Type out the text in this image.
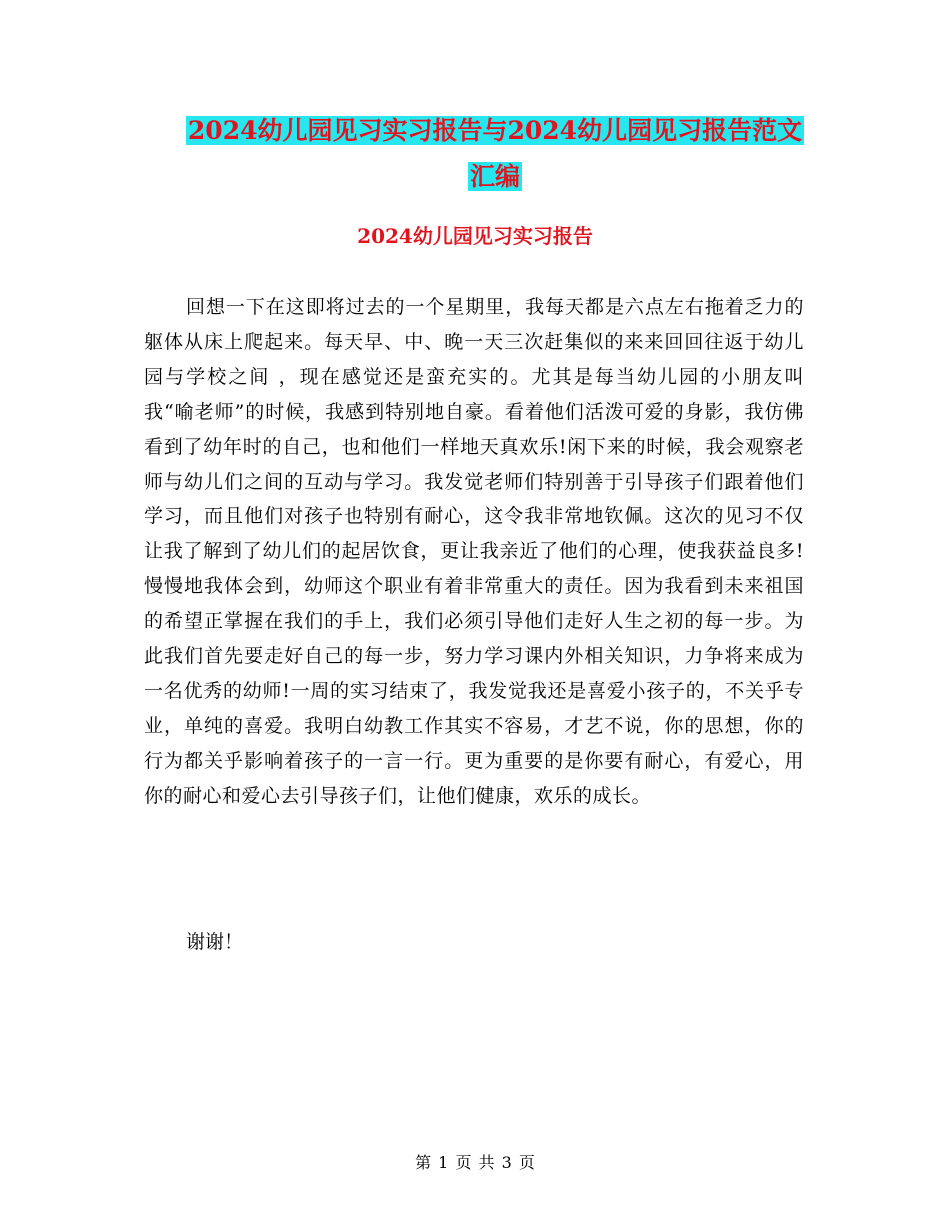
2024幼儿园见习实习报告与2024幼儿园见习报告范文
汇编
2024幼儿园见习实习报告

回想一下在这即将过去的一个星期里，我每天都是六点左右拖着乏力的躯体从床上爬起来。每天早、中、晚一天三次赶集似的来来回回往返于幼儿园与学校之间 ，现在感觉还是蛮充实的。尤其是每当幼儿园的小朋友叫我“喻老师”的时候，我感到特别地自豪。看着他们活泼可爱的身影，我仿佛看到了幼年时的自己，也和他们一样地天真欢乐!闲下来的时候，我会观察老师与幼儿们之间的互动与学习。我发觉老师们特别善于引导孩子们跟着他们学习，而且他们对孩子也特别有耐心，这令我非常地钦佩。这次的见习不仅让我了解到了幼儿们的起居饮食，更让我亲近了他们的心理，使我获益良多!慢慢地我体会到，幼师这个职业有着非常重大的责任。因为我看到未来祖国的希望正掌握在我们的手上，我们必须引导他们走好人生之初的每一步。为此我们首先要走好自己的每一步，努力学习课内外相关知识，力争将来成为一名优秀的幼师!一周的实习结束了，我发觉我还是喜爱小孩子的，不关乎专业，单纯的喜爱。我明白幼教工作其实不容易，才艺不说，你的思想，你的行为都关乎影响着孩子的一言一行。更为重要的是你要有耐心，有爱心，用你的耐心和爱心去引导孩子们，让他们健康，欢乐的成长。

谢谢！
第 1 页 共 3 页
